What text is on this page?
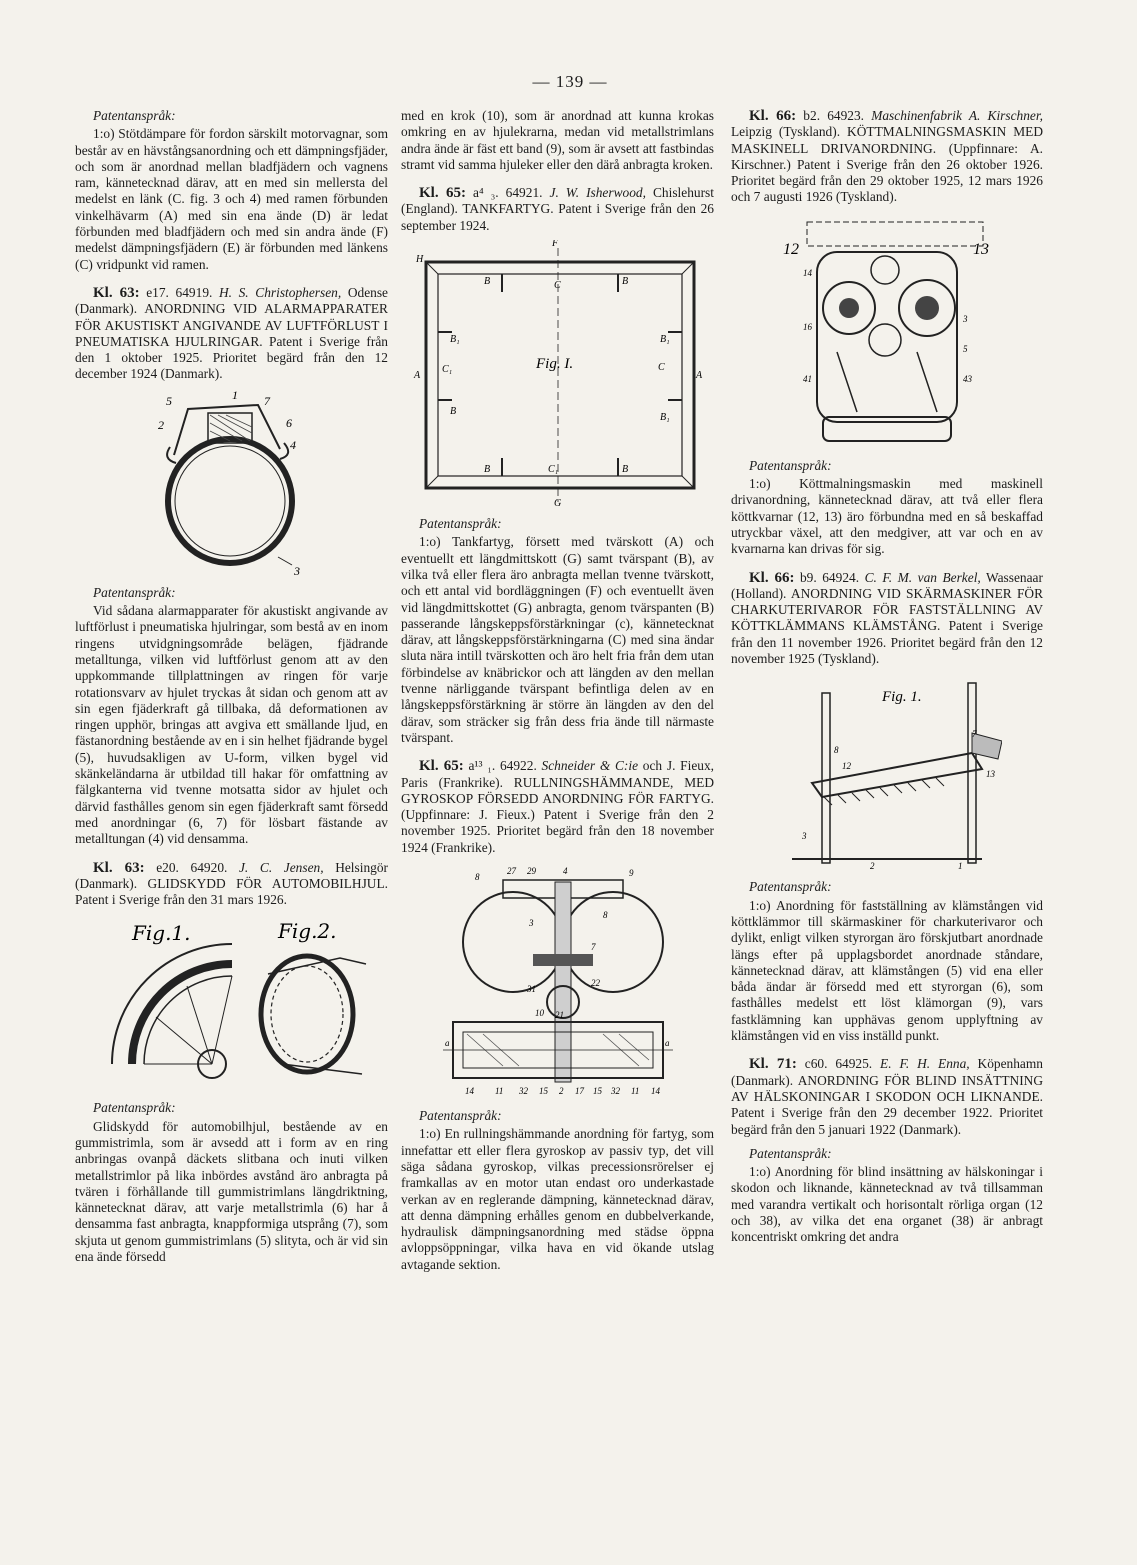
— 139 —

Patentanspråk:

1:o) Stötdämpare för fordon särskilt motorvagnar, som består av en hävstångsanordning och ett dämpningsfjäder, och som är anordnad mellan bladfjädern och vagnens ram, kännetecknad därav, att en med sin mellersta del medelst en länk (C. fig. 3 och 4) med ramen förbunden vinkelhävarm (A) med sin ena ände (D) är ledat förbunden med bladfjädern och med sin andra ände (F) medelst dämpningsfjädern (E) är förbunden med länkens (C) vridpunkt vid ramen.

Kl. 63: e17. 64919. H. S. Christophersen, Odense (Danmark). ANORDNING VID ALARMAPPARATER FÖR AKUSTISKT ANGIVANDE AV LUFTFÖRLUST I PNEUMATISKA HJULRINGAR. Patent i Sverige från den 1 oktober 1925. Prioritet begärd från den 12 december 1924 (Danmark).

5	1 7
2	6
4
3

Patentanspråk:

Vid sådana alarmapparater för akustiskt angivande av luftförlust i pneumatiska hjulringar, som bestå av en inom ringens utvidgningsområde belägen, fjädrande metalltunga, vilken vid luftförlust genom att av den uppkommande tillplattningen av ringen för varje rotationsvarv av hjulet tryckas åt sidan och genom att av sin egen fjäderkraft gå tillbaka, då deformationen av ringen upphör, bringas att avgiva ett smällande ljud, en fästanordning bestående av en i sin helhet fjädrande bygel (5), huvudsakligen av U-form, vilken bygel vid skänkeländarna är utbildad till hakar för omfattning av fälgkanterna vid tvenne motsatta sidor av hjulet och därvid fasthålles genom sin egen fjäderkraft samt försedd med anordningar (6, 7) för lösbart fästande av metalltungan (4) vid densamma.

Kl. 63: e20. 64920. J. C. Jensen, Helsingör (Danmark). GLIDSKYDD FÖR AUTOMOBILHJUL. Patent i Sverige från den 31 mars 1926.

Fig.1.	Fig.2.

Patentanspråk:

Glidskydd för automobilhjul, bestående av en gummistrimla, som är avsedd att i form av en ring anbringas ovanpå däckets slitbana och inuti vilken metallstrimlor på lika inbördes avstånd äro anbragta på tvären i förhållande till gummistrimlans längdriktning, kännetecknat därav, att varje metallstrimla (6) har å densamma fast anbragta, knappformiga utsprång (7), som skjuta ut genom gummistrimlans (5) slityta, och är vid sin ena ände försedd

med en krok (10), som är anordnad att kunna krokas omkring en av hjulekrarna, medan vid metallstrimlans andra ände är fäst ett band (9), som är avsett att fastbindas stramt vid samma hjuleker eller den därå anbragta kroken.

Kl. 65: a⁴ ₃. 64921. J. W. Isherwood, Chislehurst (England). TANKFARTYG. Patent i Sverige från den 26 september 1924.

Fig. I.
F
H
B	C	B
B₁	B₁
A
C₁	C
A
B
B₁
B	C₁	B
G

Patentanspråk:

1:o) Tankfartyg, försett med tvärskott (A) och eventuellt ett längdmittskott (G) samt tvärspant (B), av vilka två eller flera äro anbragta mellan tvenne tvärskott, och ett antal vid bordläggningen (F) och eventuellt även vid längdmittskottet (G) anbragta, genom tvärspanten (B) passerande långskeppsförstärkningar (c), kännetecknat därav, att långskeppsförstärkningarna (C) med sina ändar sluta nära intill tvärskotten och äro helt fria från dem utan förbindelse av knäbrickor och att längden av den mellan tvenne närliggande tvärspant befintliga delen av en långskeppsförstärkning är större än längden av den del därav, som sträcker sig från dess fria ände till närmaste tvärspant.

Kl. 65: a¹³ ₁. 64922. Schneider & C:ie och J. Fieux, Paris (Frankrike). RULLNINGSHÄMMANDE, MED GYROSKOP FÖRSEDD ANORDNING FÖR FARTYG. (Uppfinnare: J. Fieux.) Patent i Sverige från den 2 november 1925. Prioritet begärd från den 18 november 1924 (Frankrike).

27 29
8
4	9
3
8
7
31
22
10 21
a	a
14 11 32 15 2 17 15 32 11 14

Patentanspråk:

1:o) En rullningshämmande anordning för fartyg, som innefattar ett eller flera gyroskop av passiv typ, det vill säga sådana gyroskop, vilkas precessionsrörelser ej framkallas av en motor utan endast oro underkastade verkan av en reglerande dämpning, kännetecknad därav, att denna dämpning erhålles genom en dubbelverkande, hydraulisk dämpningsanordning med städse öppna avloppsöppningar, vilka hava en vid ökande utslag avtagande sektion.

Kl. 66: b2. 64923. Maschinenfabrik A. Kirschner, Leipzig (Tyskland). KÖTTMALNINGSMASKIN MED MASKINELL DRIVANORDNING. (Uppfinnare: A. Kirschner.) Patent i Sverige från den 26 oktober 1926. Prioritet begärd från den 29 oktober 1925, 12 mars 1926 och 7 augusti 1926 (Tyskland).

12	13
14
16
3
5
41	43

Patentanspråk:

1:o) Köttmalningsmaskin med maskinell drivanordning, kännetecknad därav, att två eller flera köttkvarnar (12, 13) äro förbundna med en så beskaffad utryckbar växel, att den medgiver, att var och en av kvarnarna kan drivas för sig.

Kl. 66: b9. 64924. C. F. M. van Berkel, Wassenaar (Holland). ANORDNING VID SKÄRMASKINER FÖR CHARKUTERIVAROR FÖR FASTSTÄLLNING AV KÖTTKLÄMMANS KLÄMSTÅNG. Patent i Sverige från den 11 november 1926. Prioritet begärd från den 12 november 1925 (Tyskland).

Fig. 1.
7
8
13
12
3
2	1

Patentanspråk:

1:o) Anordning för fastställning av klämstången vid köttklämmor till skärmaskiner för charkuterivaror och dylikt, enligt vilken styrorgan äro förskjutbart anordnade längs efter på upplagsbordet anordnade ståndare, kännetecknad därav, att klämstången (5) vid ena eller båda ändar är försedd med ett styrorgan (6), som fasthålles medelst ett löst klämorgan (9), vars fastklämning kan upphävas genom upplyftning av klämstången vid en viss inställd punkt.

Kl. 71: c60. 64925. E. F. H. Enna, Köpenhamn (Danmark). ANORDNING FÖR BLIND INSÄTTNING AV HÄLSKONINGAR I SKODON OCH LIKNANDE. Patent i Sverige från den 29 december 1922. Prioritet begärd från den 5 januari 1922 (Danmark).

Patentanspråk:

1:o) Anordning för blind insättning av hälskoningar i skodon och liknande, kännetecknad av två tillsamman med varandra vertikalt och horisontalt rörliga organ (12 och 38), av vilka det ena organet (38) är anbragt koncentriskt omkring det andra
